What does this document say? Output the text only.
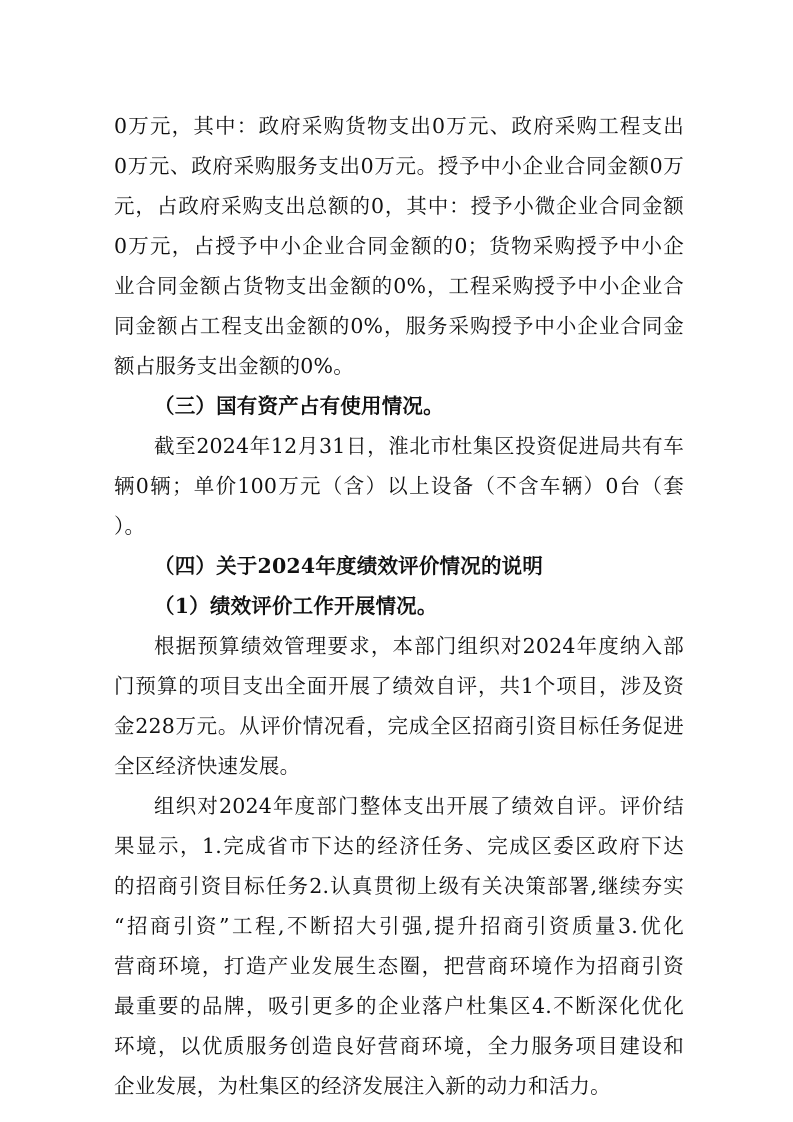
0万元，其中：政府采购货物支出0万元、政府采购工程支出
0万元、政府采购服务支出0万元。授予中小企业合同金额0万
元，占政府采购支出总额的0，其中：授予小微企业合同金额
0万元，占授予中小企业合同金额的0；货物采购授予中小企
业合同金额占货物支出金额的0%，工程采购授予中小企业合
同金额占工程支出金额的0%，服务采购授予中小企业合同金
额占服务支出金额的0%。
（三）国有资产占有使用情况。
截至2024年12月31日，淮北市杜集区投资促进局共有车
辆0辆；单价100万元（含）以上设备（不含车辆）0台（套
）。
（四）关于2024年度绩效评价情况的说明
（1）绩效评价工作开展情况。
根据预算绩效管理要求，本部门组织对2024年度纳入部
门预算的项目支出全面开展了绩效自评，共1个项目，涉及资
金228万元。从评价情况看，完成全区招商引资目标任务促进
全区经济快速发展。
组织对2024年度部门整体支出开展了绩效自评。评价结
果显示，1.完成省市下达的经济任务、完成区委区政府下达
的招商引资目标任务2.认真贯彻上级有关决策部署,继续夯实
“招商引资”工程,不断招大引强,提升招商引资质量3.优化
营商环境，打造产业发展生态圈，把营商环境作为招商引资
最重要的品牌，吸引更多的企业落户杜集区4.不断深化优化
环境，以优质服务创造良好营商环境，全力服务项目建设和
企业发展，为杜集区的经济发展注入新的动力和活力。
